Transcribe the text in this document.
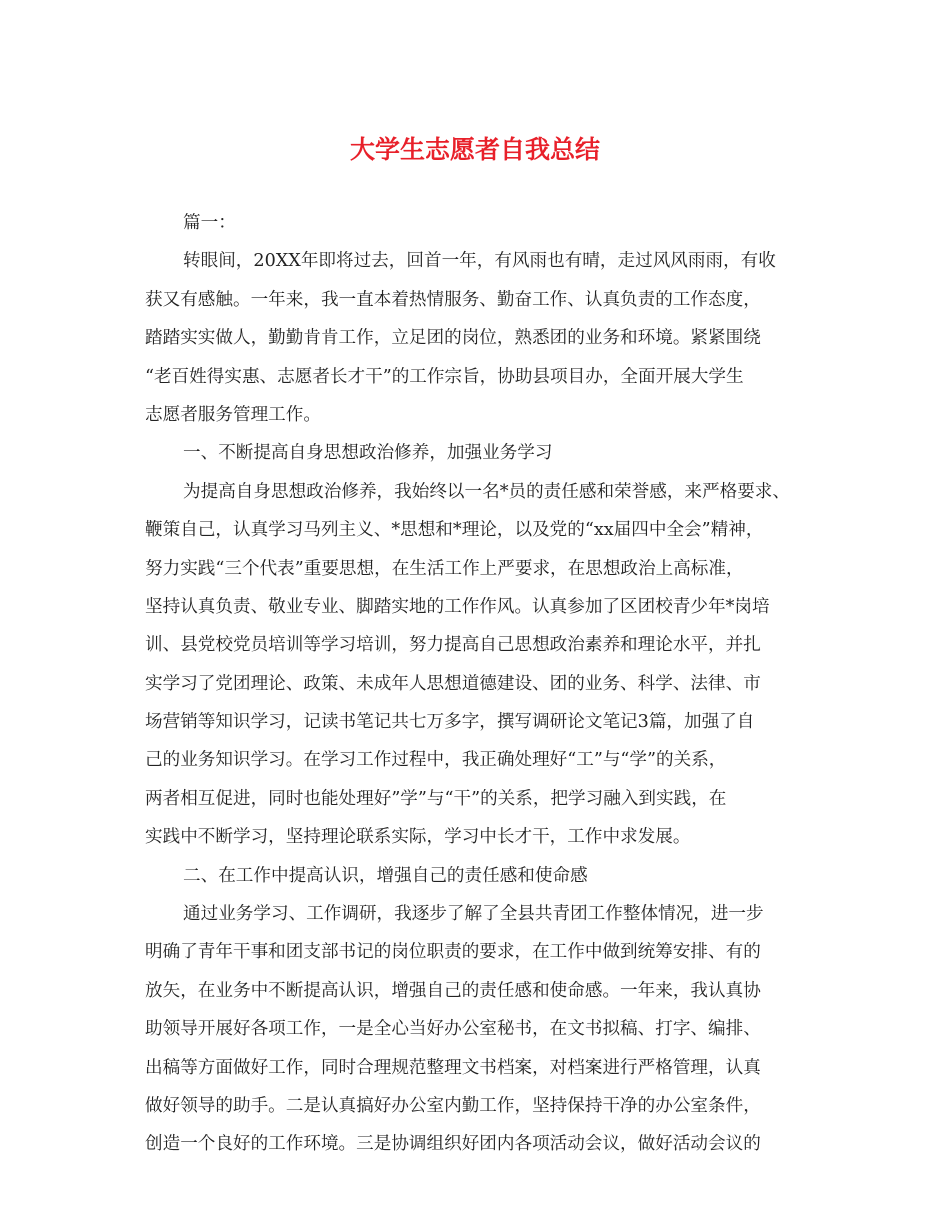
大学生志愿者自我总结
篇一：
转眼间，20XX年即将过去，回首一年，有风雨也有晴，走过风风雨雨，有收
获又有感触。一年来，我一直本着热情服务、勤奋工作、认真负责的工作态度，
踏踏实实做人，勤勤肯肯工作，立足团的岗位，熟悉团的业务和环境。紧紧围绕
“老百姓得实惠、志愿者长才干”的工作宗旨，协助县项目办，全面开展大学生
志愿者服务管理工作。
一、不断提高自身思想政治修养，加强业务学习
为提高自身思想政治修养，我始终以一名*员的责任感和荣誉感，来严格要求、
鞭策自己，认真学习马列主义、*思想和*理论，以及党的“xx届四中全会”精神，
努力实践“三个代表”重要思想，在生活工作上严要求，在思想政治上高标准，
坚持认真负责、敬业专业、脚踏实地的工作作风。认真参加了区团校青少年*岗培
训、县党校党员培训等学习培训，努力提高自己思想政治素养和理论水平，并扎
实学习了党团理论、政策、未成年人思想道德建设、团的业务、科学、法律、市
场营销等知识学习，记读书笔记共七万多字，撰写调研论文笔记3篇，加强了自
己的业务知识学习。在学习工作过程中，我正确处理好“工”与“学”的关系，
两者相互促进，同时也能处理好”学”与“干”的关系，把学习融入到实践，在
实践中不断学习，坚持理论联系实际，学习中长才干，工作中求发展。
二、在工作中提高认识，增强自己的责任感和使命感
通过业务学习、工作调研，我逐步了解了全县共青团工作整体情况，进一步
明确了青年干事和团支部书记的岗位职责的要求，在工作中做到统筹安排、有的
放矢，在业务中不断提高认识，增强自己的责任感和使命感。一年来，我认真协
助领导开展好各项工作，一是全心当好办公室秘书，在文书拟稿、打字、编排、
出稿等方面做好工作，同时合理规范整理文书档案，对档案进行严格管理，认真
做好领导的助手。二是认真搞好办公室内勤工作，坚持保持干净的办公室条件，
创造一个良好的工作环境。三是协调组织好团内各项活动会议，做好活动会议的
